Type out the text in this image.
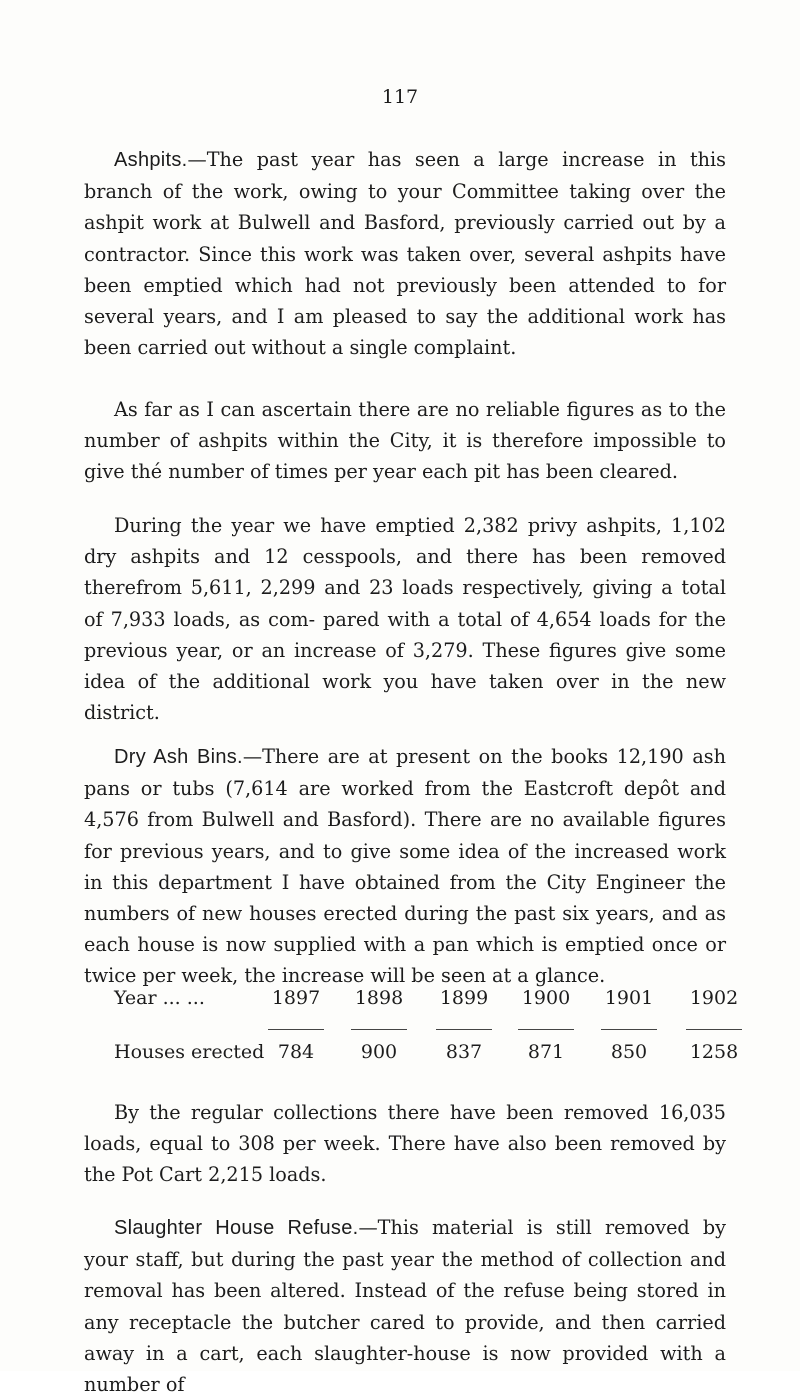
117

Ashpits.—The past year has seen a large increase in this branch of the work, owing to your Committee taking over the ashpit work at Bulwell and Basford, previously carried out by a contractor. Since this work was taken over, several ashpits have been emptied which had not previously been attended to for several years, and I am pleased to say the additional work has been carried out without a single complaint.

As far as I can ascertain there are no reliable figures as to the number of ashpits within the City, it is therefore impossible to give thé number of times per year each pit has been cleared.

During the year we have emptied 2,382 privy ashpits, 1,102 dry ashpits and 12 cesspools, and there has been removed therefrom 5,611, 2,299 and 23 loads respectively, giving a total of 7,933 loads, as com- pared with a total of 4,654 loads for the previous year, or an increase of 3,279. These figures give some idea of the additional work you have taken over in the new district.

Dry Ash Bins.—There are at present on the books 12,190 ash pans or tubs (7,614 are worked from the Eastcroft depôt and 4,576 from Bulwell and Basford). There are no available figures for previous years, and to give some idea of the increased work in this department I have obtained from the City Engineer the numbers of new houses erected during the past six years, and as each house is now supplied with a pan which is emptied once or twice per week, the increase will be seen at a glance.

Year ... ...	1897	1898	1899	1900	1901	1902
Houses erected 784	900	837	871	850	1258

By the regular collections there have been removed 16,035 loads, equal to 308 per week. There have also been removed by the Pot Cart 2,215 loads.

Slaughter House Refuse.—This material is still removed by your staff, but during the past year the method of collection and removal has been altered. Instead of the refuse being stored in any receptacle the butcher cared to provide, and then carried away in a cart, each slaughter-house is now provided with a number of
